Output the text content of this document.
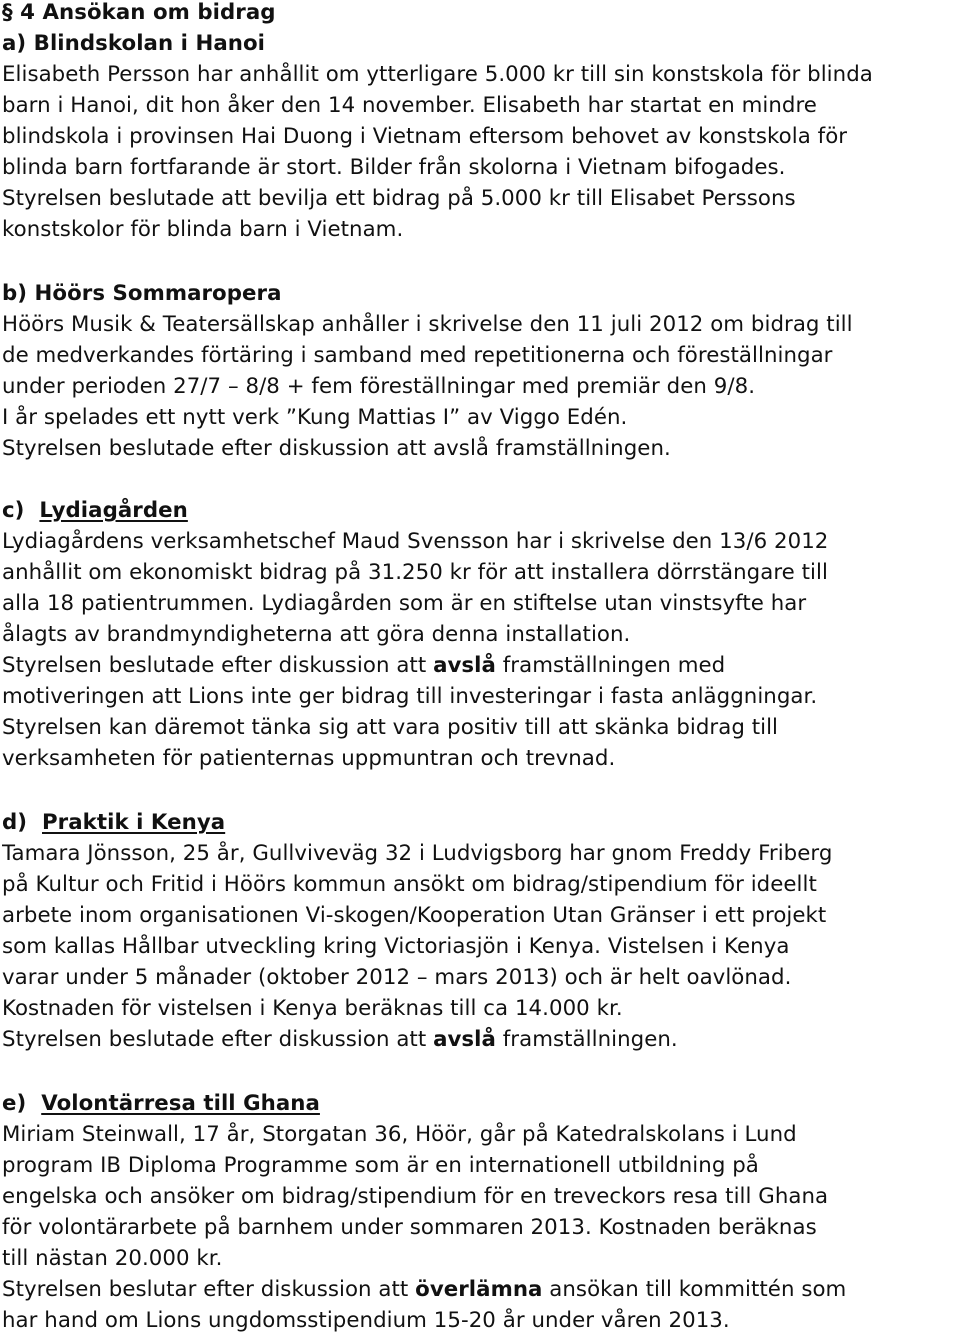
§ 4 Ansökan om bidrag
a) Blindskolan i Hanoi
Elisabeth Persson har anhållit om ytterligare 5.000 kr till sin konstskola för blinda
barn i Hanoi, dit hon åker den 14 november. Elisabeth har startat en mindre
blindskola i provinsen Hai Duong i Vietnam eftersom behovet av konstskola för
blinda barn fortfarande är stort. Bilder från skolorna i Vietnam bifogades.
Styrelsen beslutade att bevilja ett bidrag på 5.000 kr till Elisabet Perssons
konstskolor för blinda barn i Vietnam.
b) Höörs Sommaropera
Höörs Musik & Teatersällskap anhåller i skrivelse den 11 juli 2012 om bidrag till
de medverkandes förtäring i samband med repetitionerna och föreställningar
under perioden 27/7 – 8/8 + fem föreställningar med premiär den 9/8.
I år spelades ett nytt verk ”Kung Mattias I” av Viggo Edén.
Styrelsen beslutade efter diskussion att avslå framställningen.
c) Lydiagården
Lydiagårdens verksamhetschef Maud Svensson har i skrivelse den 13/6 2012
anhållit om ekonomiskt bidrag på 31.250 kr för att installera dörrstängare till
alla 18 patientrummen. Lydiagården som är en stiftelse utan vinstsyfte har
ålagts av brandmyndigheterna att göra denna installation.
Styrelsen beslutade efter diskussion att avslå framställningen med
motiveringen att Lions inte ger bidrag till investeringar i fasta anläggningar.
Styrelsen kan däremot tänka sig att vara positiv till att skänka bidrag till
verksamheten för patienternas uppmuntran och trevnad.
d) Praktik i Kenya
Tamara Jönsson, 25 år, Gullviveväg 32 i Ludvigsborg har gnom Freddy Friberg
på Kultur och Fritid i Höörs kommun ansökt om bidrag/stipendium för ideellt
arbete inom organisationen Vi-skogen/Kooperation Utan Gränser i ett projekt
som kallas Hållbar utveckling kring Victoriasjön i Kenya. Vistelsen i Kenya
varar under 5 månader (oktober 2012 – mars 2013) och är helt oavlönad.
Kostnaden för vistelsen i Kenya beräknas till ca 14.000 kr.
Styrelsen beslutade efter diskussion att avslå framställningen.
e) Volontärresa till Ghana
Miriam Steinwall, 17 år, Storgatan 36, Höör, går på Katedralskolans i Lund
program IB Diploma Programme som är en internationell utbildning på
engelska och ansöker om bidrag/stipendium för en treveckors resa till Ghana
för volontärarbete på barnhem under sommaren 2013. Kostnaden beräknas
till nästan 20.000 kr.
Styrelsen beslutar efter diskussion att överlämna ansökan till kommittén som
har hand om Lions ungdomsstipendium 15-20 år under våren 2013.
